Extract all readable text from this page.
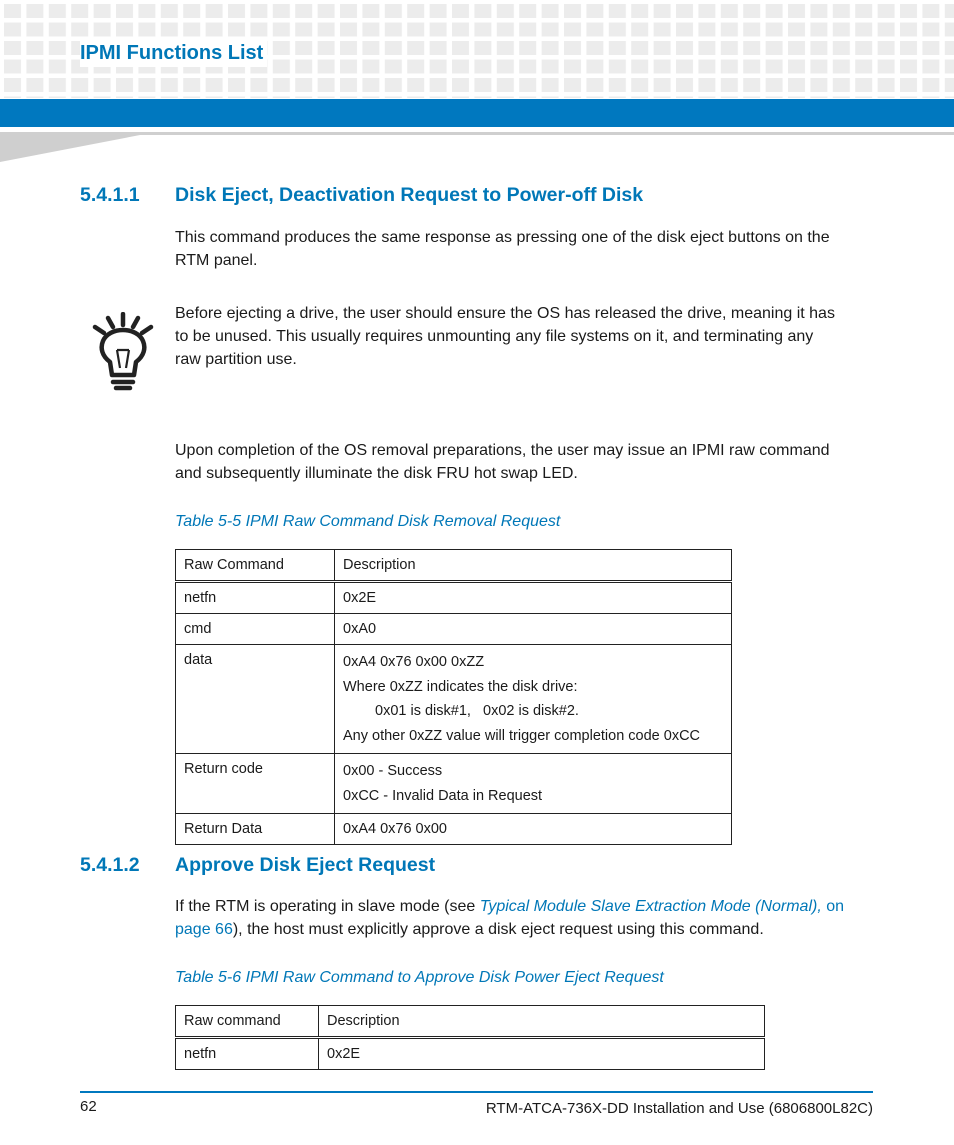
IPMI Functions List
5.4.1.1 Disk Eject, Deactivation Request to Power-off Disk

This command produces the same response as pressing one of the disk eject buttons on the
RTM panel.

Before ejecting a drive, the user should ensure the OS has released the drive, meaning it has
to be unused. This usually requires unmounting any file systems on it, and terminating any
raw partition use.

Upon completion of the OS removal preparations, the user may issue an IPMI raw command
and subsequently illuminate the disk FRU hot swap LED.

Table 5-5 IPMI Raw Command Disk Removal Request

Raw Command	Description
netfn	0x2E
cmd	0xA0
data	0xA4 0x76 0x00 0xZZ
Where 0xZZ indicates the disk drive:
0x01 is disk#1,   0x02 is disk#2.
Any other 0xZZ value will trigger completion code 0xCC

Return code	0x00 - Success
0xCC - Invalid Data in Request

Return Data	0xA4 0x76 0x00
5.4.1.2 Approve Disk Eject Request

If the RTM is operating in slave mode (see Typical Module Slave Extraction Mode (Normal), on
page 66), the host must explicitly approve a disk eject request using this command.

Table 5-6 IPMI Raw Command to Approve Disk Power Eject Request

Raw command	Description
netfn	0x2E
62	RTM-ATCA-736X-DD Installation and Use (6806800L82C)
